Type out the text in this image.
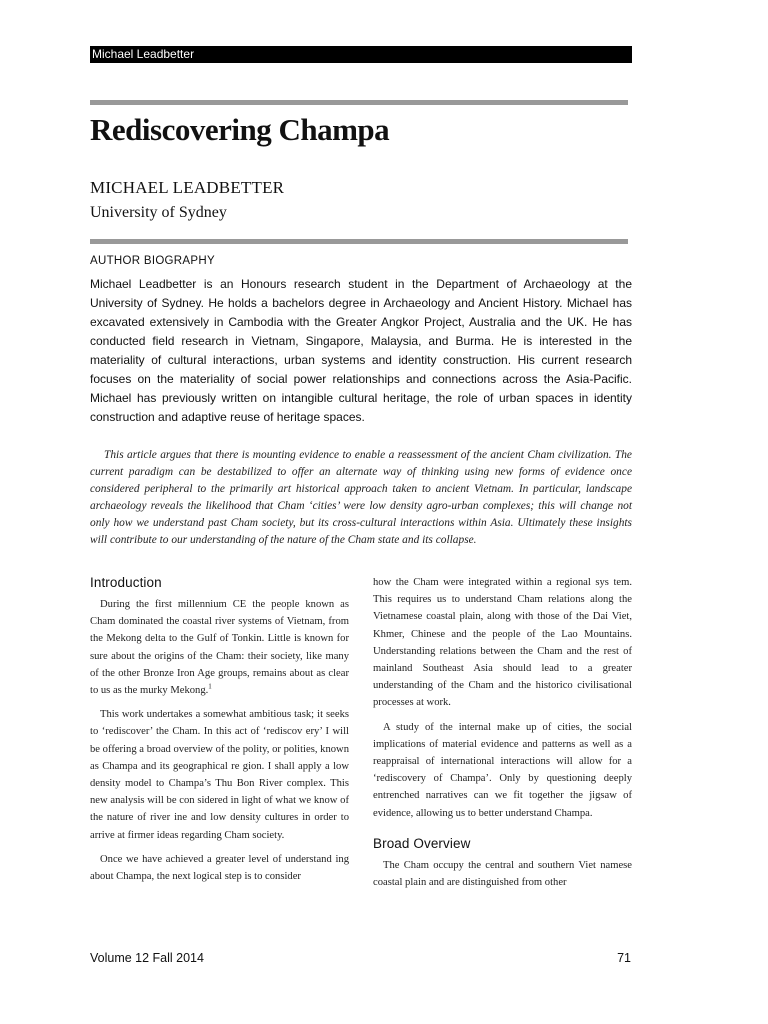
Michael Leadbetter
Rediscovering Champa
MICHAEL LEADBETTER
University of Sydney
AUTHOR BIOGRAPHY

Michael Leadbetter is an Honours research student in the Department of Archaeology at the University of Sydney. He holds a bachelors degree in Archaeology and Ancient History. Michael has excavated extensively in Cambodia with the Greater Angkor Project, Australia and the UK. He has conducted field research in Vietnam, Singapore, Malaysia, and Burma. He is interested in the materiality of cultural interactions, urban systems and identity construction. His current research focuses on the materiality of social power relationships and connections across the Asia-Pacific. Michael has previously written on intangible cultural heritage, the role of urban spaces in identity construction and adaptive reuse of heritage spaces.

This article argues that there is mounting evidence to enable a reassessment of the ancient Cham civilization. The current paradigm can be destabilized to offer an alternate way of thinking using new forms of evidence once considered peripheral to the primarily art historical approach taken to ancient Vietnam. In particular, landscape archaeology reveals the likelihood that Cham ‘cities’ were low density agro-urban complexes; this will change not only how we understand past Cham society, but its cross-cultural interactions within Asia. Ultimately these insights will contribute to our understanding of the nature of the Cham state and its collapse.

Introduction

During the first millennium CE the people known as Cham dominated the coastal river systems of Vietnam, from the Mekong delta to the Gulf of Tonkin. Little is known for sure about the origins of the Cham: their society, like many of the other Bronze Iron Age groups, remains about as clear to us as the murky Mekong.$^1$

This work undertakes a somewhat ambitious task; it seeks to ‘rediscover’ the Cham. In this act of ‘rediscov ery’ I will be offering a broad overview of the polity, or polities, known as Champa and its geographical re gion. I shall apply a low density model to Champa’s Thu Bon River complex. This new analysis will be con sidered in light of what we know of the nature of river ine and low density cultures in order to arrive at firmer ideas regarding Cham society.

Once we have achieved a greater level of understand ing about Champa, the next logical step is to consider

how the Cham were integrated within a regional sys tem. This requires us to understand Cham relations along the Vietnamese coastal plain, along with those of the Dai Viet, Khmer, Chinese and the people of the Lao Mountains. Understanding relations between the Cham and the rest of mainland Southeast Asia should lead to a greater understanding of the Cham and the historico civilisational processes at work.

A study of the internal make up of cities, the social implications of material evidence and patterns as well as a reappraisal of international interactions will allow for a ‘rediscovery of Champa’. Only by questioning deeply entrenched narratives can we fit together the jigsaw of evidence, allowing us to better understand Champa.

Broad Overview

The Cham occupy the central and southern Viet namese coastal plain and are distinguished from other

Volume 12 Fall 2014	71
